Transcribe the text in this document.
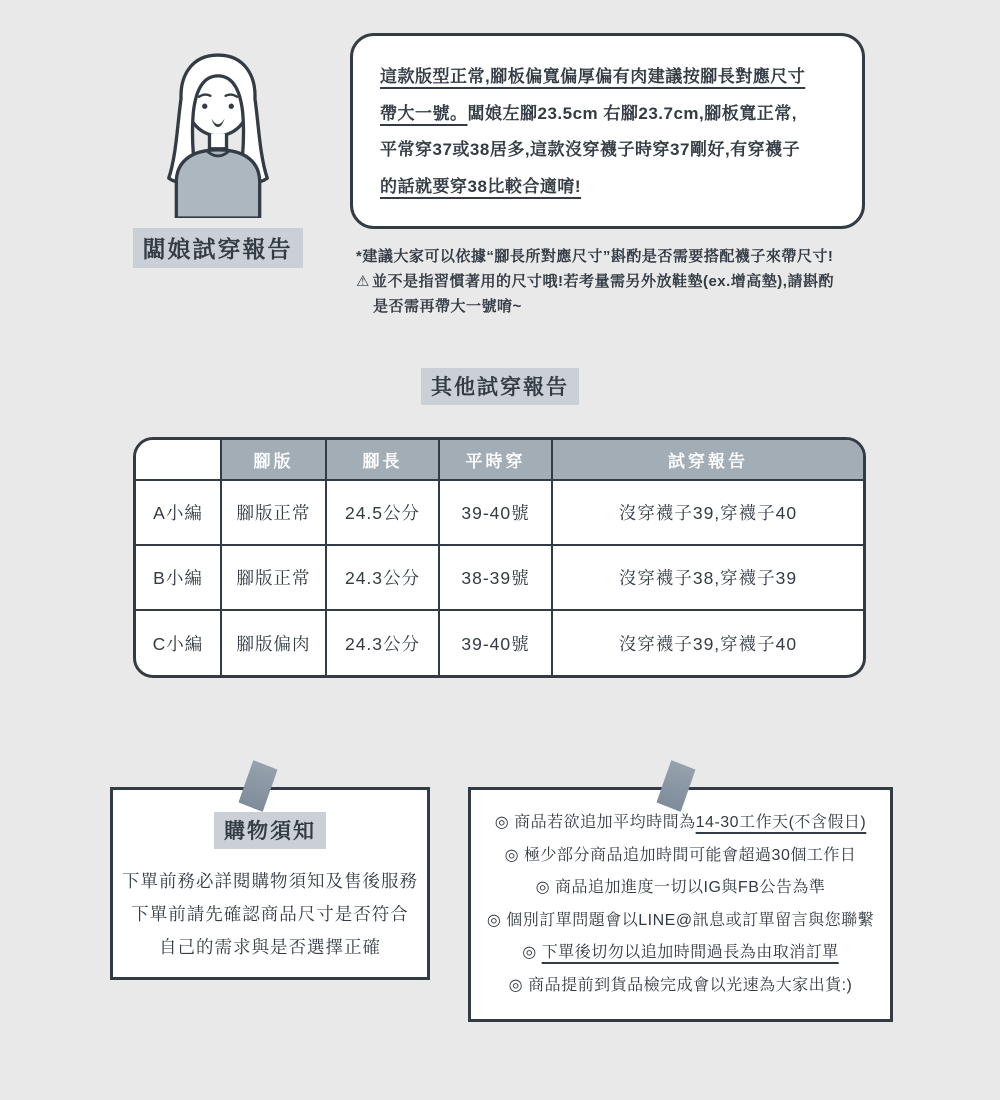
闆娘試穿報告

這款版型正常,腳板偏寬偏厚偏有肉建議按腳長對應尺寸

帶大一號。闆娘左腳23.5cm 右腳23.7cm,腳板寬正常,

平常穿37或38居多,這款沒穿襪子時穿37剛好,有穿襪子

的話就要穿38比較合適唷!

*建議大家可以依據“腳長所對應尺寸”斟酌是否需要搭配襪子來帶尺寸!

⚠ 並不是指習慣著用的尺寸哦!若考量需另外放鞋墊(ex.增高墊),請斟酌

是否需再帶大一號唷~

其他試穿報告
	腳版	腳長	平時穿	試穿報告
A小編	腳版正常	24.5公分	39-40號	沒穿襪子39,穿襪子40
B小編	腳版正常	24.3公分	38-39號	沒穿襪子38,穿襪子39
C小編	腳版偏肉	24.3公分	39-40號	沒穿襪子39,穿襪子40
購物須知

下單前務必詳閱購物須知及售後服務

下單前請先確認商品尺寸是否符合

自己的需求與是否選擇正確

◎ 商品若欲追加平均時間為14-30工作天(不含假日)
◎ 極少部分商品追加時間可能會超過30個工作日
◎ 商品追加進度一切以IG與FB公告為準
◎ 個別訂單問題會以LINE@訊息或訂單留言與您聯繫
◎ 下單後切勿以追加時間過長為由取消訂單
◎ 商品提前到貨品檢完成會以光速為大家出貨:)
